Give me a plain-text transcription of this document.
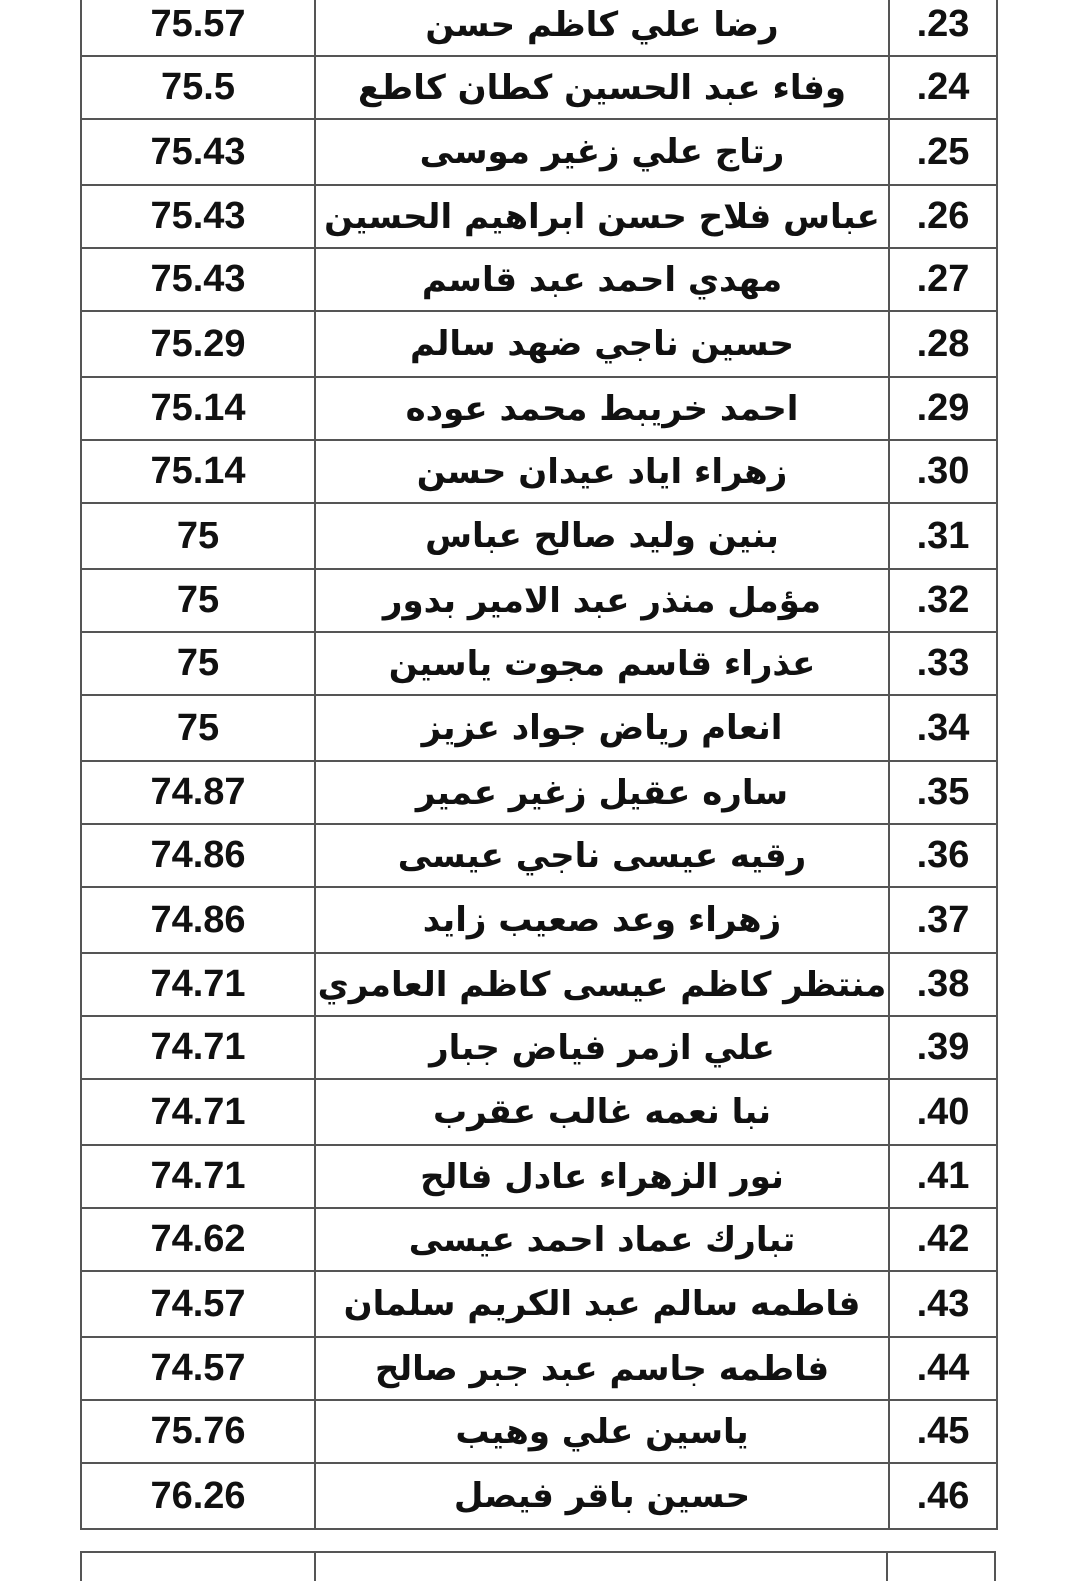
75.57	رضا علي كاظم حسن	.23
75.5	وفاء عبد الحسين كطان كاطع	.24
75.43	رتاج علي زغير موسى	.25
75.43	عباس فلاح حسن ابراهيم الحسين	.26
75.43	مهدي احمد عبد قاسم	.27
75.29	حسين ناجي ضهد سالم	.28
75.14	احمد خريبط محمد عوده	.29
75.14	زهراء اياد عيدان حسن	.30
75	بنين وليد صالح عباس	.31
75	مؤمل منذر عبد الامير بدور	.32
75	عذراء قاسم مجوت ياسين	.33
75	انعام رياض جواد عزيز	.34
74.87	ساره عقيل زغير عمير	.35
74.86	رقيه عيسى ناجي عيسى	.36
74.86	زهراء وعد صعيب زايد	.37
74.71	منتظر كاظم عيسى كاظم العامري	.38
74.71	علي ازمر فياض جبار	.39
74.71	نبا نعمه غالب عقرب	.40
74.71	نور الزهراء عادل فالح	.41
74.62	تبارك عماد احمد عيسى	.42
74.57	فاطمه سالم عبد الكريم سلمان	.43
74.57	فاطمه جاسم عبد جبر صالح	.44
75.76	ياسين علي وهيب	.45
76.26	حسين باقر فيصل	.46
